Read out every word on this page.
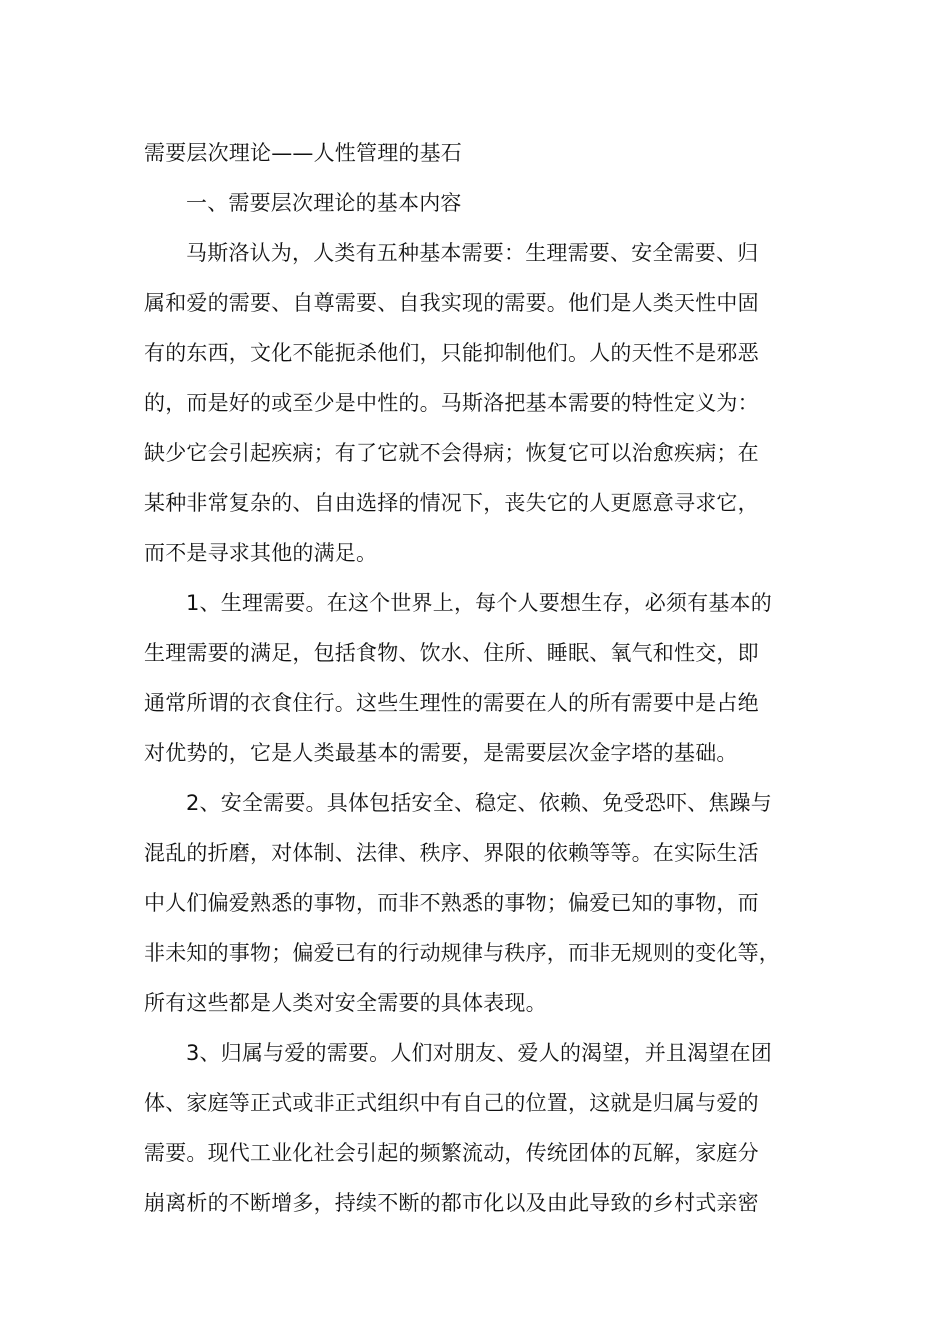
需要层次理论——人性管理的基石
一、需要层次理论的基本内容
马斯洛认为，人类有五种基本需要：生理需要、安全需要、归
属和爱的需要、自尊需要、自我实现的需要。他们是人类天性中固
有的东西，文化不能扼杀他们，只能抑制他们。人的天性不是邪恶
的，而是好的或至少是中性的。马斯洛把基本需要的特性定义为：
缺少它会引起疾病；有了它就不会得病；恢复它可以治愈疾病；在
某种非常复杂的、自由选择的情况下，丧失它的人更愿意寻求它，
而不是寻求其他的满足。
1、生理需要。在这个世界上，每个人要想生存，必须有基本的
生理需要的满足，包括食物、饮水、住所、睡眠、氧气和性交，即
通常所谓的衣食住行。这些生理性的需要在人的所有需要中是占绝
对优势的，它是人类最基本的需要，是需要层次金字塔的基础。
2、安全需要。具体包括安全、稳定、依赖、免受恐吓、焦躁与
混乱的折磨，对体制、法律、秩序、界限的依赖等等。在实际生活
中人们偏爱熟悉的事物，而非不熟悉的事物；偏爱已知的事物，而
非未知的事物；偏爱已有的行动规律与秩序，而非无规则的变化等，
所有这些都是人类对安全需要的具体表现。
3、归属与爱的需要。人们对朋友、爱人的渴望，并且渴望在团
体、家庭等正式或非正式组织中有自己的位置，这就是归属与爱的
需要。现代工业化社会引起的频繁流动，传统团体的瓦解，家庭分
崩离析的不断增多，持续不断的都市化以及由此导致的乡村式亲密
